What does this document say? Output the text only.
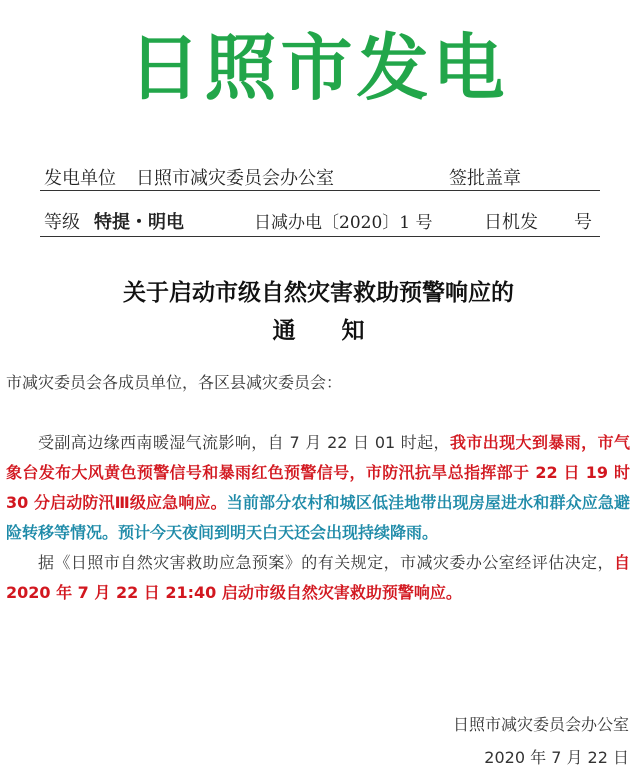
日照市发电
发电单位 日照市减灾委员会办公室	签批盖章
等级 特提・明电	日减办电〔2020〕1 号	日机发 号
关于启动市级自然灾害救助预警响应的
通　　知
市减灾委员会各成员单位，各区县减灾委员会：
受副高边缘西南暖湿气流影响，自 7 月 22 日 01 时起，我市出现大到暴雨，市气象台发布大风黄色预警信号和暴雨红色预警信号，市防汛抗旱总指挥部于 22 日 19 时 30 分启动防汛Ⅲ级应急响应。当前部分农村和城区低洼地带出现房屋进水和群众应急避险转移等情况。预计今天夜间到明天白天还会出现持续降雨。
据《日照市自然灾害救助应急预案》的有关规定，市减灾委办公室经评估决定，自 2020 年 7 月 22 日 21:40 启动市级自然灾害救助预警响应。
日照市减灾委员会办公室
2020 年 7 月 22 日
